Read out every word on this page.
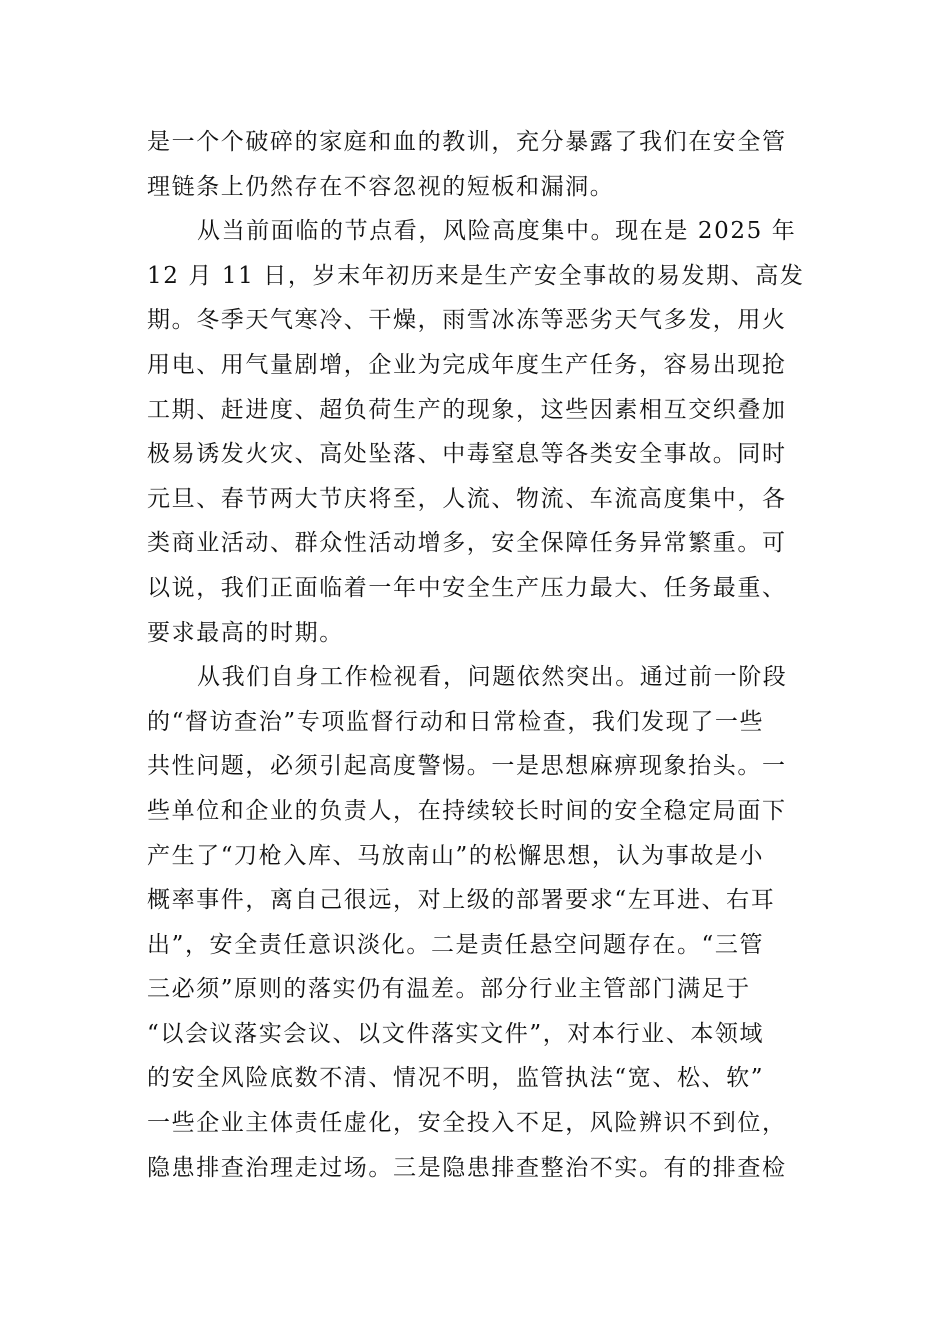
是一个个破碎的家庭和血的教训，充分暴露了我们在安全管
理链条上仍然存在不容忽视的短板和漏洞。
从当前面临的节点看，风险高度集中。现在是 2025 年
12 月 11 日，岁末年初历来是生产安全事故的易发期、高发
期。冬季天气寒冷、干燥，雨雪冰冻等恶劣天气多发，用火
用电、用气量剧增，企业为完成年度生产任务，容易出现抢
工期、赶进度、超负荷生产的现象，这些因素相互交织叠加
极易诱发火灾、高处坠落、中毒窒息等各类安全事故。同时
元旦、春节两大节庆将至，人流、物流、车流高度集中，各
类商业活动、群众性活动增多，安全保障任务异常繁重。可
以说，我们正面临着一年中安全生产压力最大、任务最重、
要求最高的时期。
从我们自身工作检视看，问题依然突出。通过前一阶段
的“督访查治”专项监督行动和日常检查，我们发现了一些
共性问题，必须引起高度警惕。一是思想麻痹现象抬头。一
些单位和企业的负责人，在持续较长时间的安全稳定局面下
产生了“刀枪入库、马放南山”的松懈思想，认为事故是小
概率事件，离自己很远，对上级的部署要求“左耳进、右耳
出”，安全责任意识淡化。二是责任悬空问题存在。“三管
三必须”原则的落实仍有温差。部分行业主管部门满足于
“以会议落实会议、以文件落实文件”，对本行业、本领域
的安全风险底数不清、情况不明，监管执法“宽、松、软”
一些企业主体责任虚化，安全投入不足，风险辨识不到位，
隐患排查治理走过场。三是隐患排查整治不实。有的排查检
